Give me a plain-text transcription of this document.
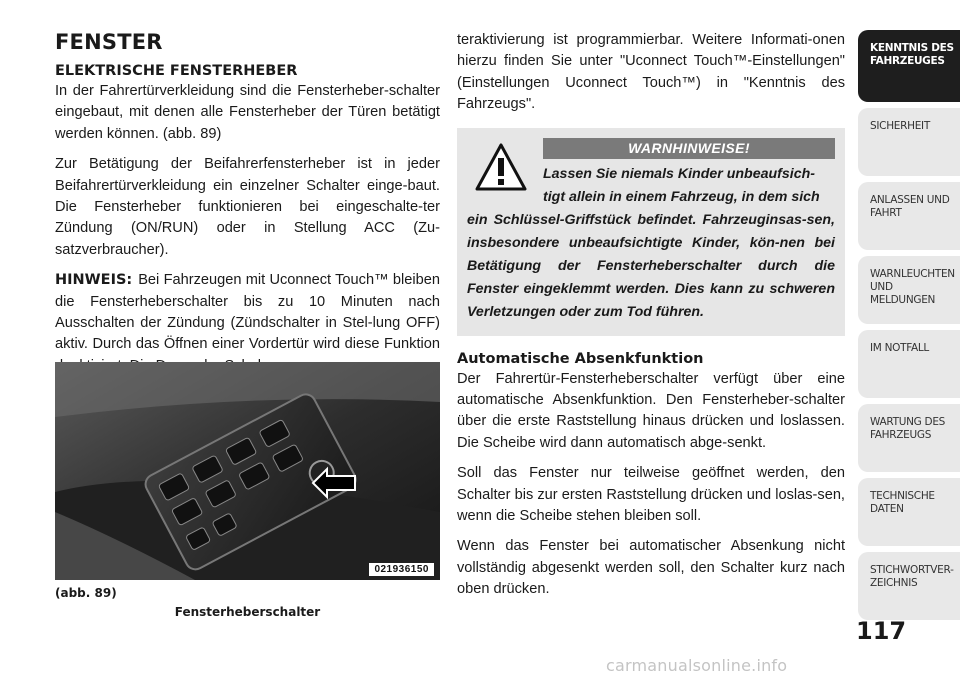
FENSTER
ELEKTRISCHE FENSTERHEBER

In der Fahrertürverkleidung sind die Fensterheber-schalter eingebaut, mit denen alle Fensterheber der Türen betätigt werden können. (abb. 89)

Zur Betätigung der Beifahrerfensterheber ist in jeder Beifahrertürverkleidung ein einzelner Schalter einge-baut. Die Fensterheber funktionieren bei eingeschalte-ter Zündung (ON/RUN) oder in Stellung ACC (Zu-satzverbraucher).

HINWEIS: Bei Fahrzeugen mit Uconnect Touch™ bleiben die Fensterheberschalter bis zu 10 Minuten nach Ausschalten der Zündung (Zündschalter in Stel-lung OFF) aktiv. Durch das Öffnen einer Vordertür wird diese Funktion

021936150
(abb. 89)
Fensterheberschalter

teraktivierung ist programmierbar. Weitere Informati-onen hierzu finden Sie unter "Uconnect Touch™-Einstellungen" (Einstellungen Uconnect Touch™) in "Kenntnis des Fahrzeugs".

WARNHINWEISE!
Lassen Sie niemals Kinder unbeaufsich-
tigt allein in einem Fahrzeug, in dem sich
ein Schlüssel-Griffstück befindet. Fahrzeuginsas-sen, insbesondere unbeaufsichtigte Kinder, kön-nen bei Betätigung der Fensterheberschalter durch die Fenster eingeklemmt werden. Dies kann zu schweren Verletzungen oder zum Tod führen.
Automatische Absenkfunktion

Der Fahrertür-Fensterheberschalter verfügt über eine automatische Absenkfunktion. Den Fensterheber-schalter über die erste Raststellung hinaus drücken und loslassen. Die Scheibe wird dann automatisch abge-senkt.

Soll das Fenster nur teilweise geöffnet werden, den Schalter bis zur ersten Raststellung drücken und loslas-sen, wenn die Scheibe stehen bleiben soll.

Wenn das Fenster bei automatischer Absenkung nicht vollständig abgesenkt werden soll, den Schalter kurz nach oben drücken.

KENNTNIS DES FAHRZEUGES
SICHERHEIT
ANLASSEN UND FAHRT
WARNLEUCHTEN UND MELDUNGEN
IM NOTFALL
WARTUNG DES FAHRZEUGS
TECHNISCHE DATEN
STICHWORTVER-ZEICHNIS
117
carmanualsonline.info
